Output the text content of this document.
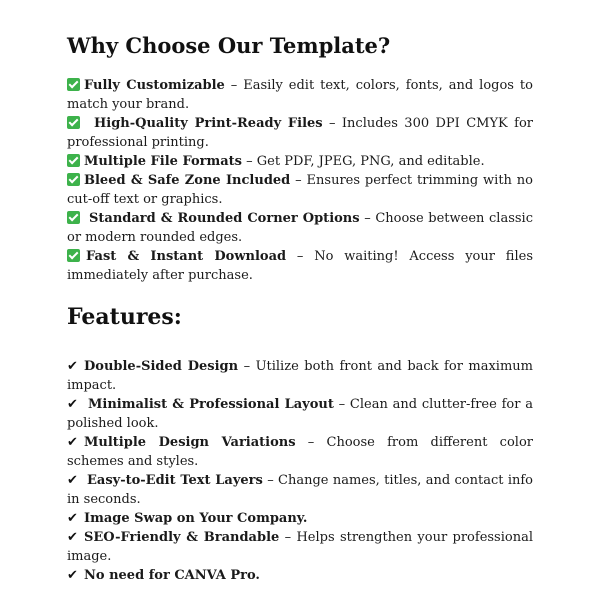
Why Choose Our Template?

Fully Customizable – Easily edit text, colors, fonts, and logos to match your brand.

High-Quality Print-Ready Files – Includes 300 DPI CMYK for professional printing.

Multiple File Formats – Get PDF, JPEG, PNG, and editable.

Bleed & Safe Zone Included – Ensures perfect trimming with no cut-off text or graphics.

Standard & Rounded Corner Options – Choose between classic or modern rounded edges.

Fast & Instant Download – No waiting! Access your files immediately after purchase.

Features:

✔ Double-Sided Design – Utilize both front and back for maximum impact.

✔ Minimalist & Professional Layout – Clean and clutter-free for a polished look.

✔ Multiple Design Variations – Choose from different color schemes and styles.

✔ Easy-to-Edit Text Layers – Change names, titles, and contact info in seconds.

✔ Image Swap on Your Company.

✔ SEO-Friendly & Brandable – Helps strengthen your professional image.

✔ No need for CANVA Pro.
